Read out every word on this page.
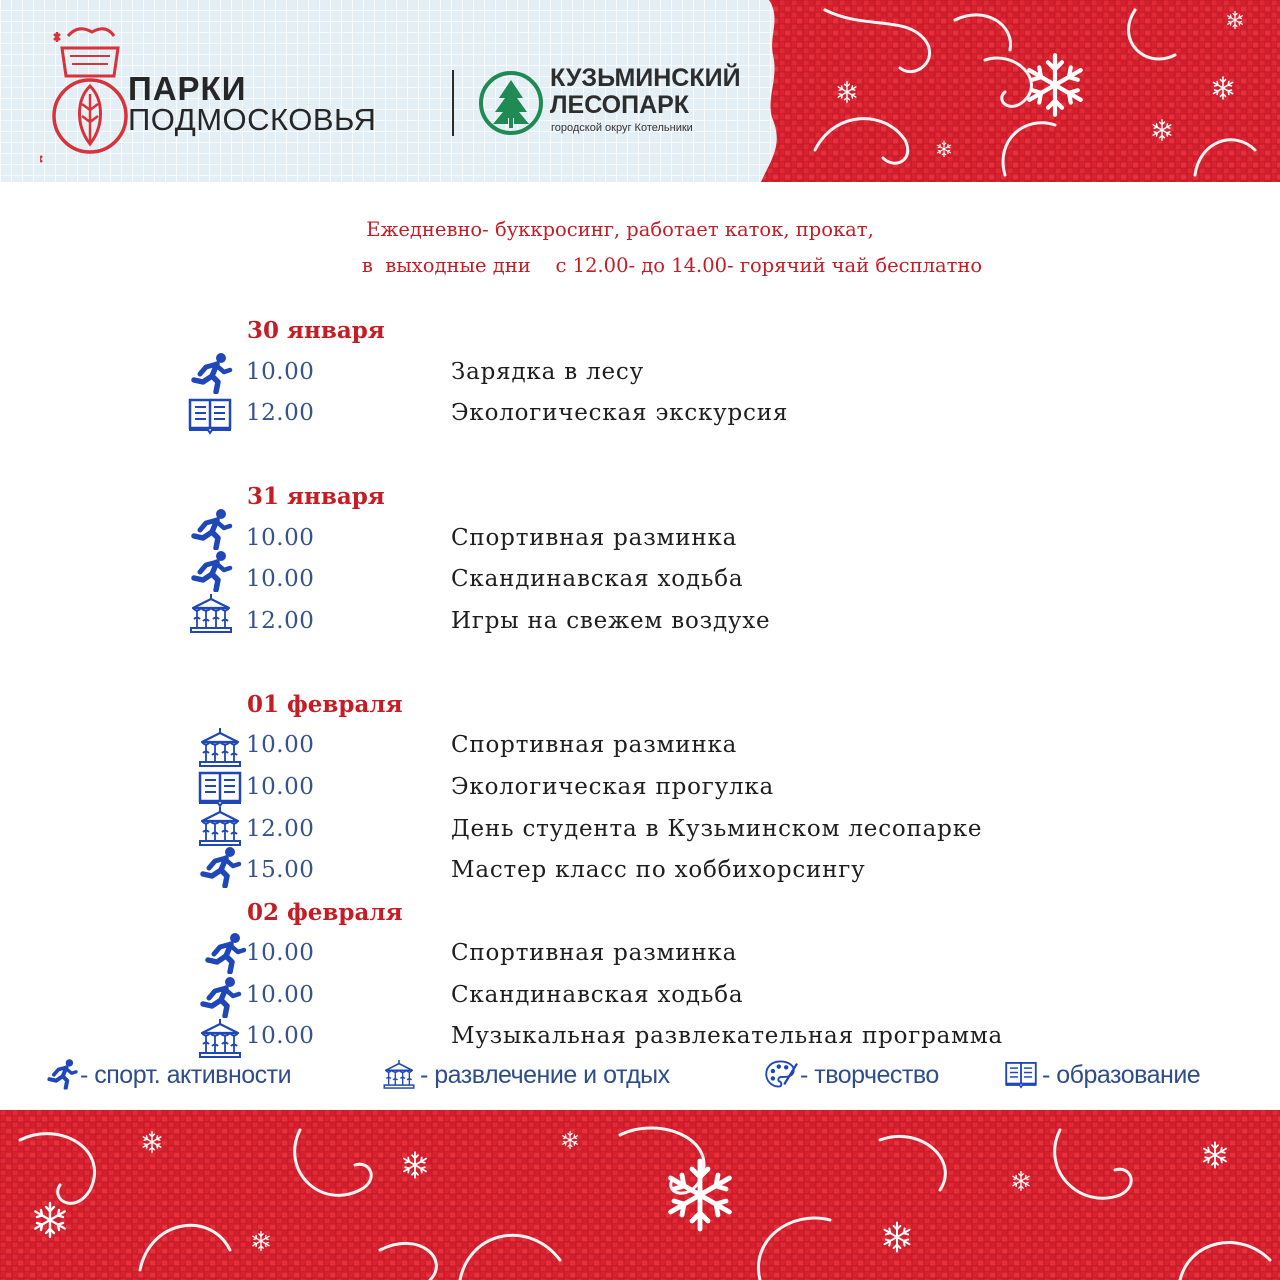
ПАРКИ
ПОДМОСКОВЬЯ
КУЗЬМИНСКИЙ
ЛЕСОПАРК
городской округ Котельники
Ежедневно- буккросинг, работает каток, прокат,
в  выходные дни    с 12.00- до 14.00- горячий чай бесплатно
30 января
10.00	Зарядка в лесу
12.00	Экологическая экскурсия
31 января
10.00	Спортивная разминка
10.00	Скандинавская ходьба
12.00	Игры на свежем воздухе
01 февраля
10.00	Спортивная разминка
10.00	Экологическая прогулка
12.00	День студента в Кузьминском лесопарке
15.00	Мастер класс по хоббихорсингу
02 февраля
10.00	Спортивная разминка
10.00	Скандинавская ходьба
10.00	Музыкальная развлекательная программа
- спорт. активности	- развлечение и отдых	- творчество	- образование
